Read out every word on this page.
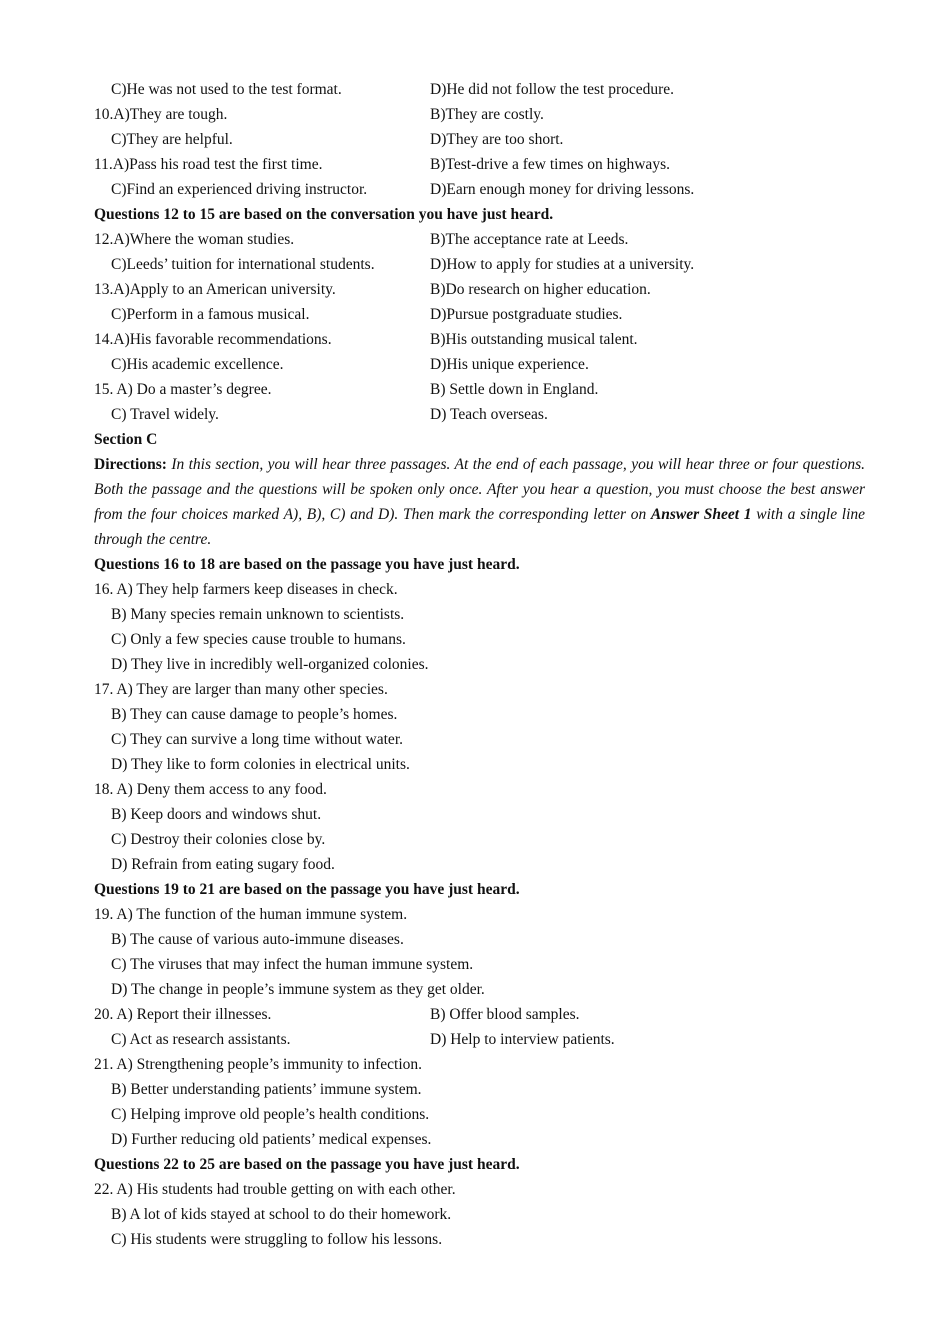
C)He was not used to the test format.	D)He did not follow the test procedure.
10.A)They are tough.	B)They are costly.
C)They are helpful.	D)They are too short.
11.A)Pass his road test the first time.	B)Test-drive a few times on highways.
C)Find an experienced driving instructor.	D)Earn enough money for driving lessons.
Questions 12 to 15 are based on the conversation you have just heard.
12.A)Where the woman studies.	B)The acceptance rate at Leeds.
C)Leeds’ tuition for international students.	D)How to apply for studies at a university.
13.A)Apply to an American university.	B)Do research on higher education.
C)Perform in a famous musical.	D)Pursue postgraduate studies.
14.A)His favorable recommendations.	B)His outstanding musical talent.
C)His academic excellence.	D)His unique experience.
15. A) Do a master’s degree.	B) Settle down in England.
C) Travel widely.	D) Teach overseas.
Section C
Directions: In this section, you will hear three passages. At the end of each passage, you will hear three or four questions. Both the passage and the questions will be spoken only once. After you hear a question, you must choose the best answer from the four choices marked A), B), C) and D). Then mark the corresponding letter on Answer Sheet 1 with a single line through the centre.
Questions 16 to 18 are based on the passage you have just heard.
16. A) They help farmers keep diseases in check.
B) Many species remain unknown to scientists.
C) Only a few species cause trouble to humans.
D) They live in incredibly well-organized colonies.
17. A) They are larger than many other species.
B) They can cause damage to people’s homes.
C) They can survive a long time without water.
D) They like to form colonies in electrical units.
18. A) Deny them access to any food.
B) Keep doors and windows shut.
C) Destroy their colonies close by.
D) Refrain from eating sugary food.
Questions 19 to 21 are based on the passage you have just heard.
19. A) The function of the human immune system.
B) The cause of various auto-immune diseases.
C) The viruses that may infect the human immune system.
D) The change in people’s immune system as they get older.
20. A) Report their illnesses.	B) Offer blood samples.
C) Act as research assistants.	D) Help to interview patients.
21. A) Strengthening people’s immunity to infection.
B) Better understanding patients’ immune system.
C) Helping improve old people’s health conditions.
D) Further reducing old patients’ medical expenses.
Questions 22 to 25 are based on the passage you have just heard.
22. A) His students had trouble getting on with each other.
B) A lot of kids stayed at school to do their homework.
C) His students were struggling to follow his lessons.
